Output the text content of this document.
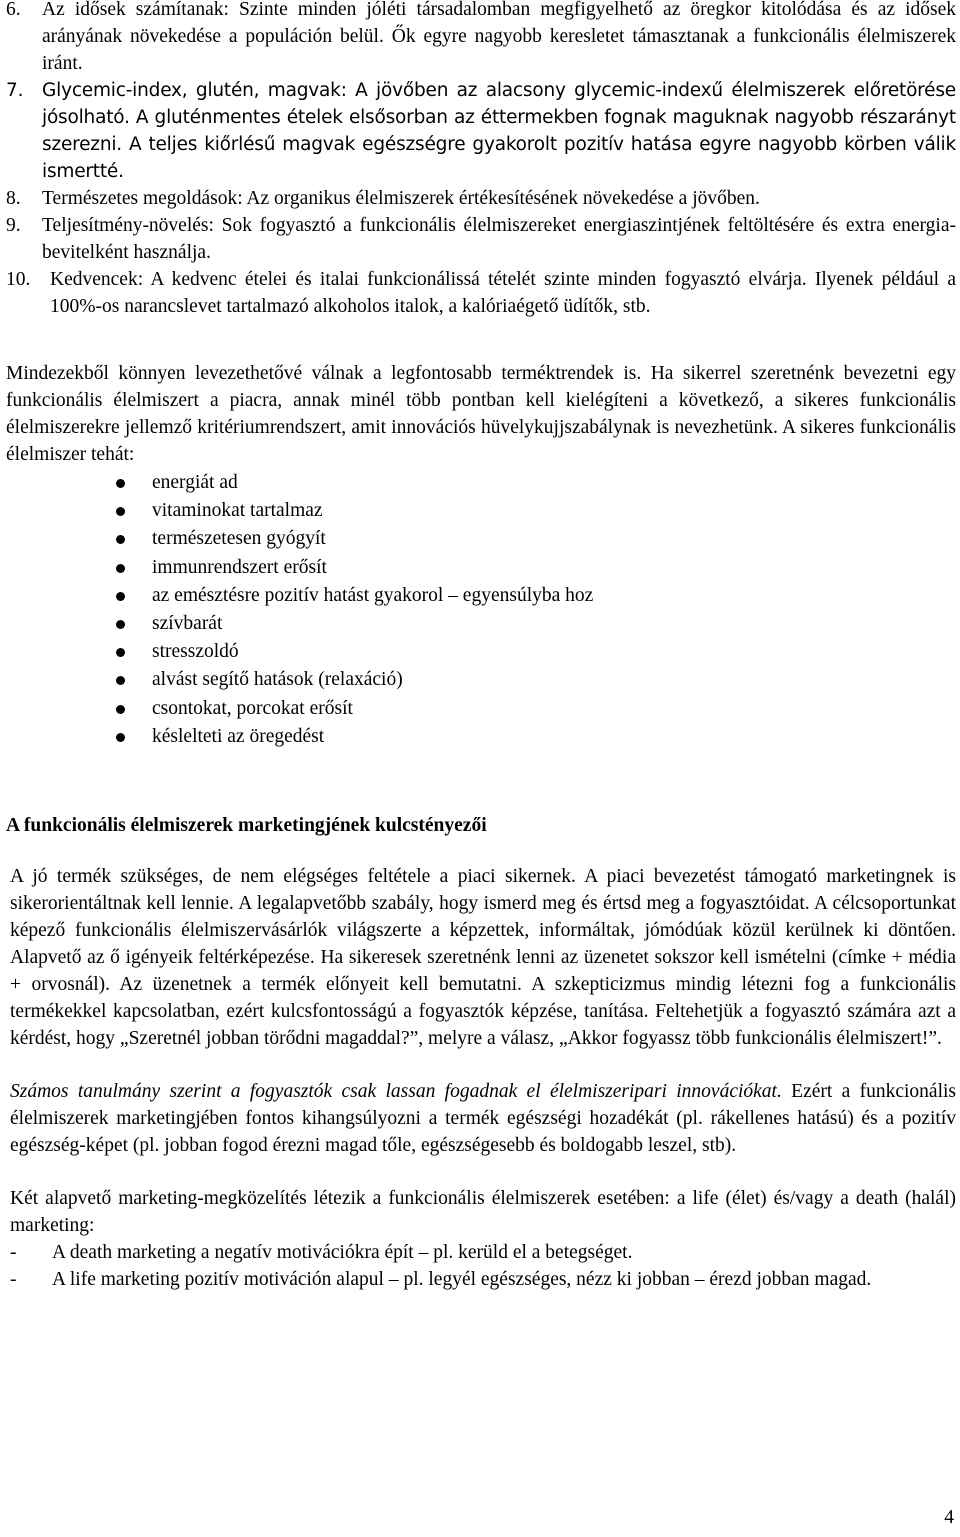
6.	Az idősek számítanak: Szinte minden jóléti társadalomban megfigyelhető az öregkor kitolódása és az idősek arányának növekedése a populáción belül. Ők egyre nagyobb keresletet támasztanak a funkcionális élelmiszerek iránt.
7.	Glycemic-index, glutén, magvak: A jövőben az alacsony glycemic-indexű élelmiszerek előretörése jósolható. A gluténmentes ételek elsősorban az éttermekben fognak maguknak nagyobb részarányt szerezni. A teljes kiőrlésű magvak egészségre gyakorolt pozitív hatása egyre nagyobb körben válik ismertté.
8.	Természetes megoldások: Az organikus élelmiszerek értékesítésének növekedése a jövőben.
9.	Teljesítmény-növelés: Sok fogyasztó a funkcionális élelmiszereket energiaszintjének feltöltésére és extra energia-bevitelként használja.
10.	Kedvencek: A kedvenc ételei és italai funkcionálissá tételét szinte minden fogyasztó elvárja. Ilyenek például a 100%-os narancslevet tartalmazó alkoholos italok, a kalóriaégető üdítők, stb.

Mindezekből könnyen levezethetővé válnak a legfontosabb terméktrendek is. Ha sikerrel szeretnénk bevezetni egy funkcionális élelmiszert a piacra, annak minél több pontban kell kielégíteni a következő, a sikeres funkcionális élelmiszerekre jellemző kritériumrendszert, amit innovációs hüvelykujjszabálynak is nevezhetünk. A sikeres funkcionális élelmiszer tehát:

energiát ad
vitaminokat tartalmaz
természetesen gyógyít
immunrendszert erősít
az emésztésre pozitív hatást gyakorol – egyensúlyba hoz
szívbarát
stresszoldó
alvást segítő hatások (relaxáció)
csontokat, porcokat erősít
késlelteti az öregedést

A funkcionális élelmiszerek marketingjének kulcstényezői

A jó termék szükséges, de nem elégséges feltétele a piaci sikernek. A piaci bevezetést támogató marketingnek is sikerorientáltnak kell lennie. A legalapvetőbb szabály, hogy ismerd meg és értsd meg a fogyasztóidat. A célcsoportunkat képező funkcionális élelmiszervásárlók világszerte a képzettek, informáltak, jómódúak közül kerülnek ki döntően. Alapvető az ő igényeik feltérképezése. Ha sikeresek szeretnénk lenni az üzenetet sokszor kell ismételni (címke + média + orvosnál). Az üzenetnek a termék előnyeit kell bemutatni. A szkepticizmus mindig létezni fog a funkcionális termékekkel kapcsolatban, ezért kulcsfontosságú a fogyasztók képzése, tanítása. Feltehetjük a fogyasztó számára azt a kérdést, hogy „Szeretnél jobban törődni magaddal?”, melyre a válasz, „Akkor fogyassz több funkcionális élelmiszert!”.

Számos tanulmány szerint a fogyasztók csak lassan fogadnak el élelmiszeripari innovációkat. Ezért a funkcionális élelmiszerek marketingjében fontos kihangsúlyozni a termék egészségi hozadékát (pl. rákellenes hatású) és a pozitív egészség-képet (pl. jobban fogod érezni magad tőle, egészségesebb és boldogabb leszel, stb).

Két alapvető marketing-megközelítés létezik a funkcionális élelmiszerek esetében: a life (élet) és/vagy a death (halál) marketing:

-	A death marketing a negatív motivációkra épít – pl. kerüld el a betegséget.
-	A life marketing pozitív motiváción alapul – pl. legyél egészséges, nézz ki jobban – érezd jobban magad.
4
